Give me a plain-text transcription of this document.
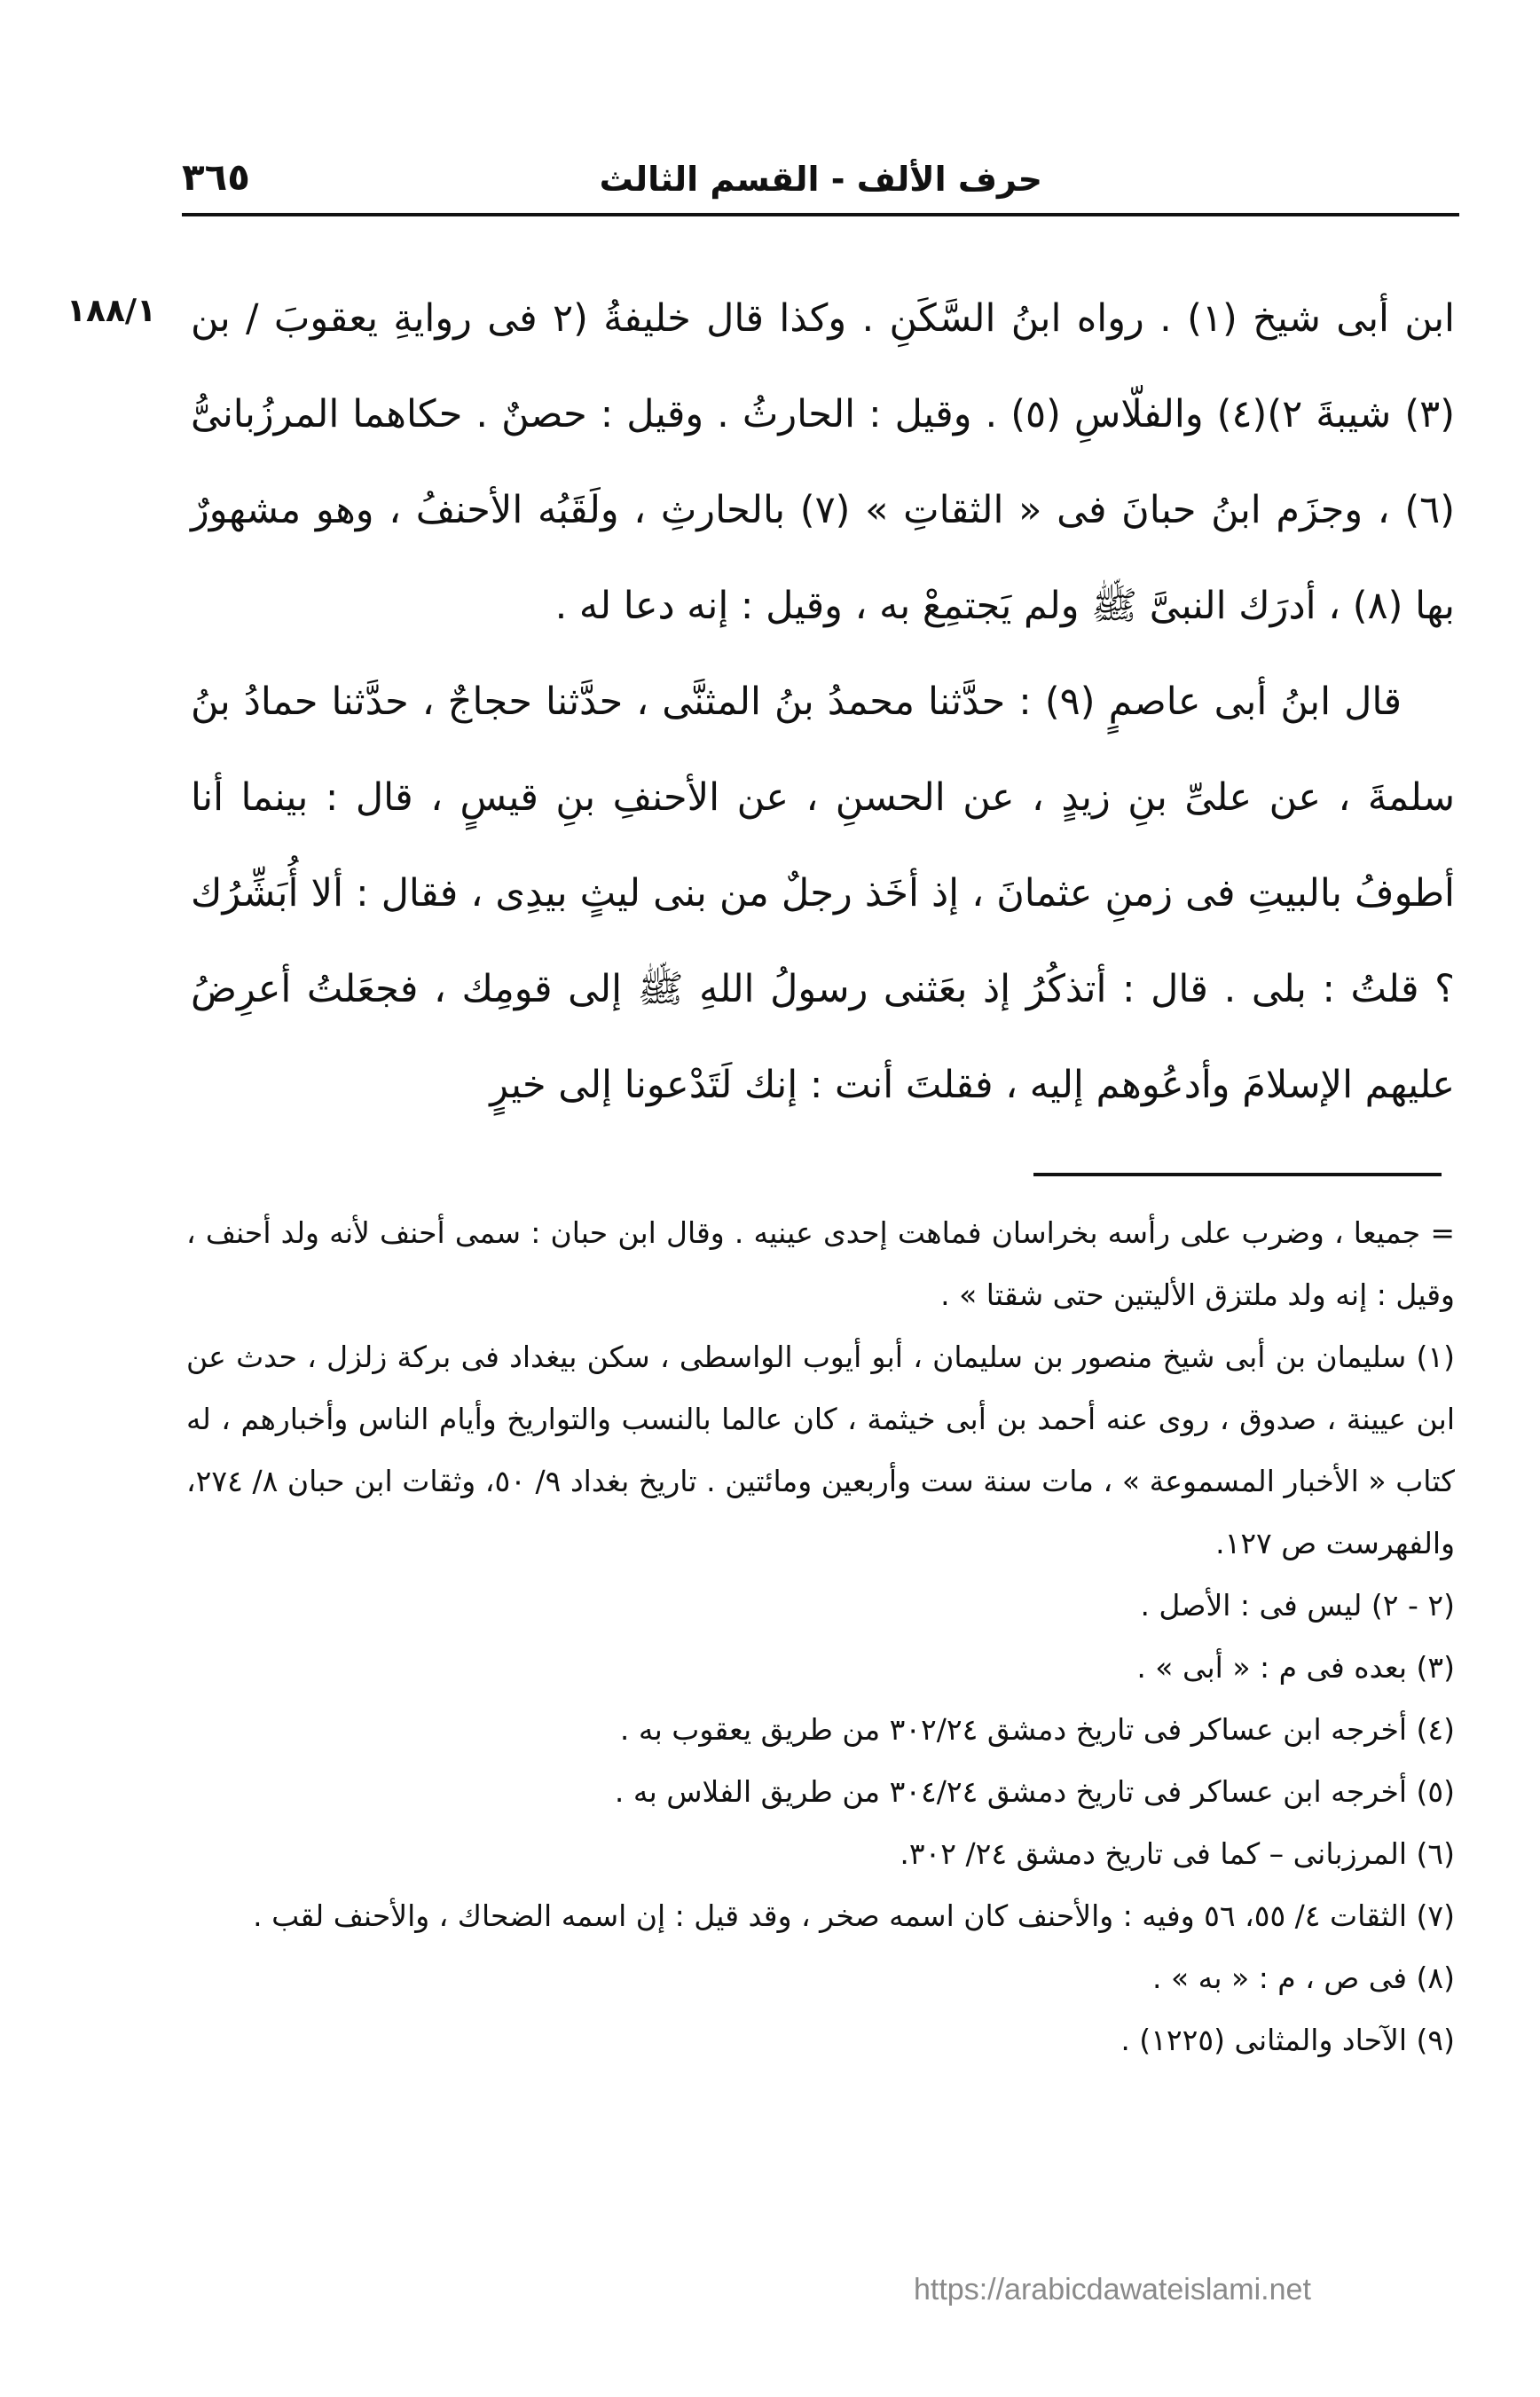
حرف الألف - القسم الثالث
٣٦٥
١٨٨/١ ابن أبى شيخ (١) . رواه ابنُ السَّكَنِ . وكذا قال خليفةُ (٢ فى روايةِ يعقوبَ / بن (٣) شيبةَ ٢)(٤) والفلّاسِ (٥) . وقيل : الحارثُ . وقيل : حصنٌ . حكاهما المرزُبانىُّ (٦) ، وجزَم ابنُ حبانَ فى « الثقاتِ » (٧) بالحارثِ ، ولَقَبُه الأحنفُ ، وهو مشهورٌ بها (٨) ، أدرَك النبىَّ ﷺ ولم يَجتمِعْ به ، وقيل : إنه دعا له .

قال ابنُ أبى عاصمٍ (٩) : حدَّثنا محمدُ بنُ المثنَّى ، حدَّثنا حجاجٌ ، حدَّثنا حمادُ بنُ سلمةَ ، عن علىِّ بنِ زيدٍ ، عن الحسنِ ، عن الأحنفِ بنِ قيسٍ ، قال : بينما أنا أطوفُ بالبيتِ فى زمنِ عثمانَ ، إذ أخَذ رجلٌ من بنى ليثٍ بيدِى ، فقال : ألا أُبَشِّرُك ؟ قلتُ : بلى . قال : أتذكُرُ إذ بعَثنى رسولُ اللهِ ﷺ إلى قومِك ، فجعَلتُ أعرِضُ عليهم الإسلامَ وأدعُوهم إليه ، فقلتَ أنت : إنك لَتَدْعونا إلى خيرٍ

= جميعا ، وضرب على رأسه بخراسان فماهت إحدى عينيه . وقال ابن حبان : سمى أحنف لأنه ولد أحنف ، وقيل : إنه ولد ملتزق الأليتين حتى شقتا » .

(١) سليمان بن أبى شيخ منصور بن سليمان ، أبو أيوب الواسطى ، سكن بيغداد فى بركة زلزل ، حدث عن ابن عيينة ، صدوق ، روى عنه أحمد بن أبى خيثمة ، كان عالما بالنسب والتواريخ وأيام الناس وأخبارهم ، له كتاب « الأخبار المسموعة » ، مات سنة ست وأربعين ومائتين . تاريخ بغداد ٩/ ٥٠، وثقات ابن حبان ٨/ ٢٧٤، والفهرست ص ١٢٧.

(٢ - ٢) ليس فى : الأصل .

(٣) بعده فى م : « أبى » .

(٤) أخرجه ابن عساكر فى تاريخ دمشق ٣٠٢/٢٤ من طريق يعقوب به .

(٥) أخرجه ابن عساكر فى تاريخ دمشق ٣٠٤/٢٤ من طريق الفلاس به .

(٦) المرزبانى – كما فى تاريخ دمشق ٢٤/ ٣٠٢.

(٧) الثقات ٤/ ٥٥، ٥٦ وفيه : والأحنف كان اسمه صخر ، وقد قيل : إن اسمه الضحاك ، والأحنف لقب .

(٨) فى ص ، م : « به » .

(٩) الآحاد والمثانى (١٢٢٥) .

https://arabicdawateislami.net
